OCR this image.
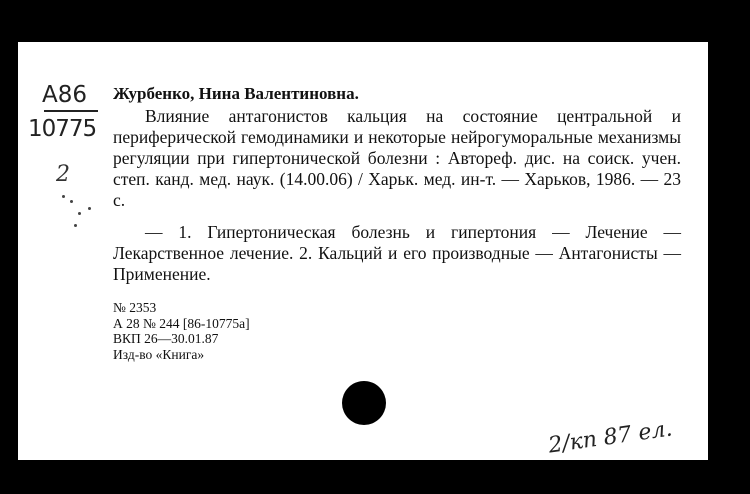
А86
10775
2
Журбенко, Нина Валентиновна.

Влияние антагонистов кальция на состояние центральной и периферической гемодинамики и некоторые нейрогуморальные механизмы регуляции при гипертонической болезни : Автореф. дис. на соиск. учен. степ. канд. мед. наук. (14.00.06) / Харьк. мед. ин-т. — Харьков, 1986. — 23 с.

— 1. Гипертоническая болезнь и гипертония — Лечение — Лекарственное лечение. 2. Кальций и его производные — Антагонисты — Применение.

№ 2353
А 28 № 244 [86-10775а]
ВКП 26—30.01.87
Изд-во «Книга»
2/кп 87 ел.
